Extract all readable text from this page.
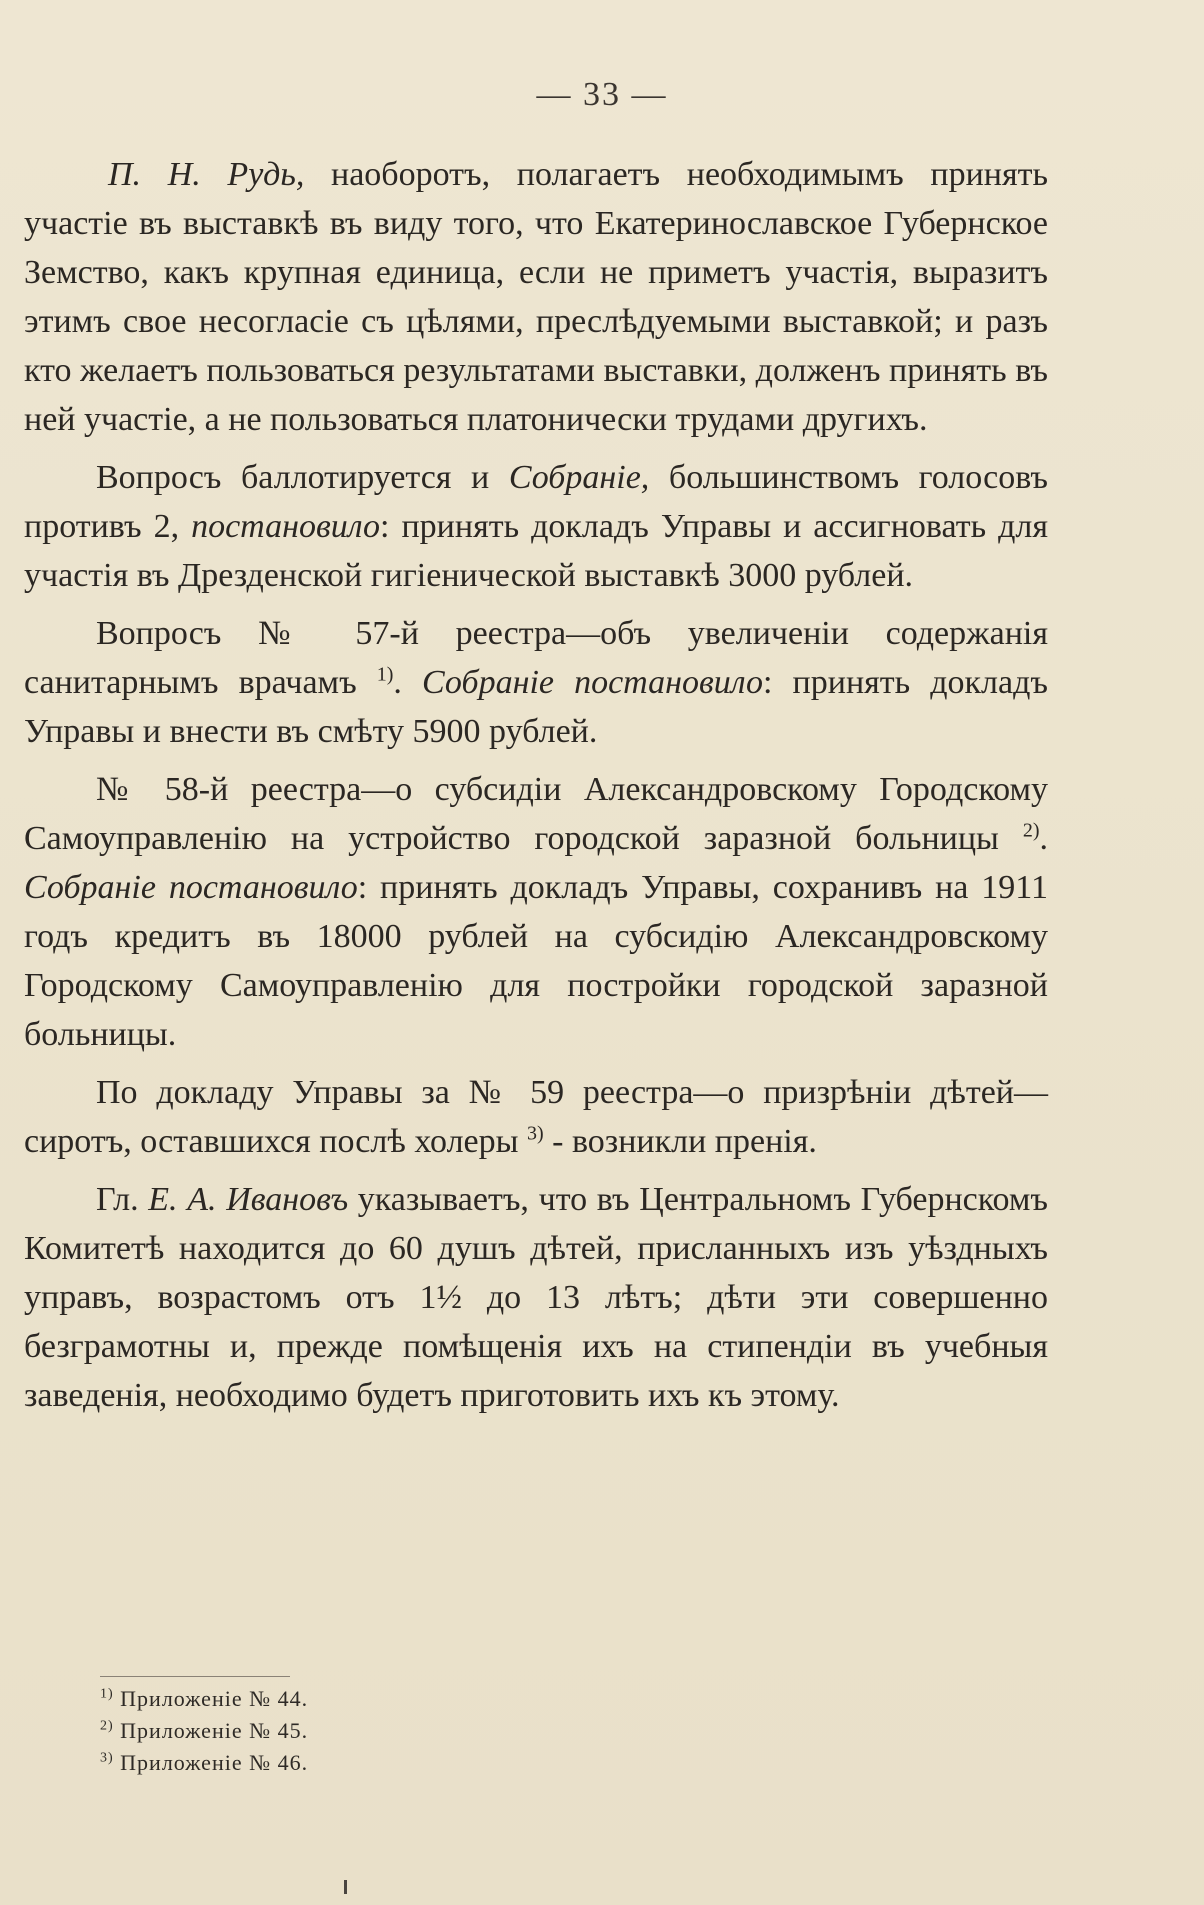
— 33 —

П. Н. Рудь, наоборотъ, полагаетъ необходимымъ принять участіе въ выставкѣ въ виду того, что Екатеринославское Губернское Земство, какъ крупная единица, если не приметъ участія, выразитъ этимъ свое несогласіе съ цѣлями, преслѣдуемыми выставкой; и разъ кто желаетъ пользоваться результатами выставки, долженъ принять въ ней участіе, а не пользоваться платонически трудами другихъ.

Вопросъ баллотируется и Собраніе, большинствомъ голосовъ противъ 2, постановило: принять докладъ Управы и ассигновать для участія въ Дрезденской гигіенической выставкѣ 3000 рублей.

Вопросъ № 57-й реестра—объ увеличеніи содержанія санитарнымъ врачамъ $^{1)}$. Собраніе постановило: принять докладъ Управы и внести въ смѣту 5900 рублей.

№ 58-й реестра—о субсидіи Александровскому Городскому Самоуправленію на устройство городской заразной больницы $^{2)}$. Собраніе постановило: принять докладъ Управы, сохранивъ на 1911 годъ кредитъ въ 18000 рублей на субсидію Александровскому Городскому Самоуправленію для постройки городской заразной больницы.

По докладу Управы за № 59 реестра—о призрѣніи дѣтей—сиротъ, оставшихся послѣ холеры $^{3)}$ - возникли пренія.

Гл. Е. А. Ивановъ указываетъ, что въ Центральномъ Губернскомъ Комитетѣ находится до 60 душъ дѣтей, присланныхъ изъ уѣздныхъ управъ, возрастомъ отъ 1½ до 13 лѣтъ; дѣти эти совершенно безграмотны и, прежде помѣщенія ихъ на стипендіи въ учебныя заведенія, необходимо будетъ приготовить ихъ къ этому.

$^{1)}$ Приложеніе № 44.
$^{2)}$ Приложеніе № 45.
$^{3)}$ Приложеніе № 46.
